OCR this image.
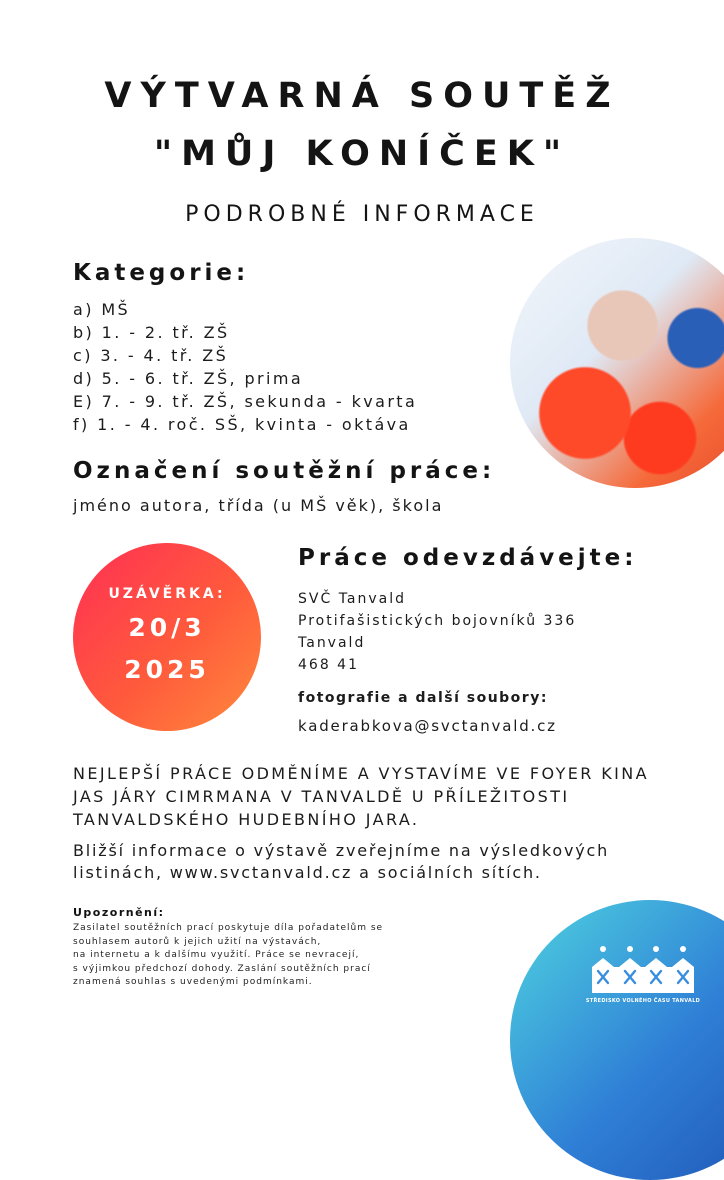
VÝTVARNÁ SOUTĚŽ
"MŮJ KONÍČEK"
PODROBNÉ INFORMACE
Kategorie:
a) MŠ
b) 1. - 2. tř. ZŠ
c) 3. - 4. tř. ZŠ
d) 5. - 6. tř. ZŠ, prima
E) 7. - 9. tř. ZŠ, sekunda - kvarta
f) 1. - 4. roč. SŠ, kvinta - oktáva
Označení soutěžní práce:
jméno autora, třída (u MŠ věk), škola
UZÁVĚRKA:
20/3
2025
Práce odevzdávejte:
SVČ Tanvald
Protifašistických bojovníků 336
Tanvald
468 41
fotografie a další soubory:
kaderabkova@svctanvald.cz
NEJLEPŠÍ PRÁCE ODMĚNÍME A VYSTAVÍME VE FOYER KINA
JAS JÁRY CIMRMANA V TANVALDĚ U PŘÍLEŽITOSTI
TANVALDSKÉHO HUDEBNÍHO JARA.
Bližší informace o výstavě zveřejníme na výsledkových
listinách, www.svctanvald.cz a sociálních sítích.
Upozornění:
Zasilatel soutěžních prací poskytuje díla pořadatelům se
souhlasem autorů k jejich užití na výstavách,
na internetu a k dalšímu využití. Práce se nevracejí,
s výjimkou předchozí dohody. Zaslání soutěžních prací
znamená souhlas s uvedenými podmínkami.
STŘEDISKO VOLNÉHO ČASU TANVALD
